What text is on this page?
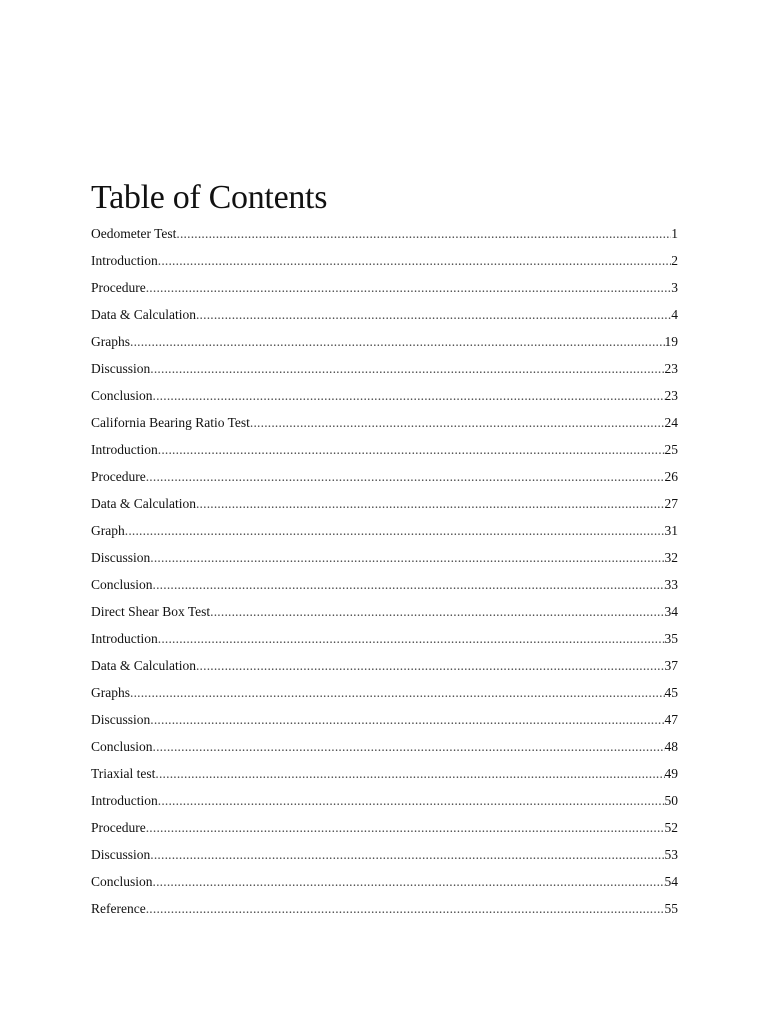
Table of Contents
Oedometer Test .....	1
Introduction .....	2
Procedure .....	3
Data & Calculation .....	4
Graphs .....	19
Discussion .....	23
Conclusion .....	23
California Bearing Ratio Test .....	24
Introduction .....	25
Procedure .....	26
Data & Calculation .....	27
Graph .....	31
Discussion .....	32
Conclusion .....	33
Direct Shear Box Test .....	34
Introduction .....	35
Data & Calculation .....	37
Graphs .....	45
Discussion .....	47
Conclusion .....	48
Triaxial test .....	49
Introduction .....	50
Procedure .....	52
Discussion .....	53
Conclusion .....	54
Reference .....	55
